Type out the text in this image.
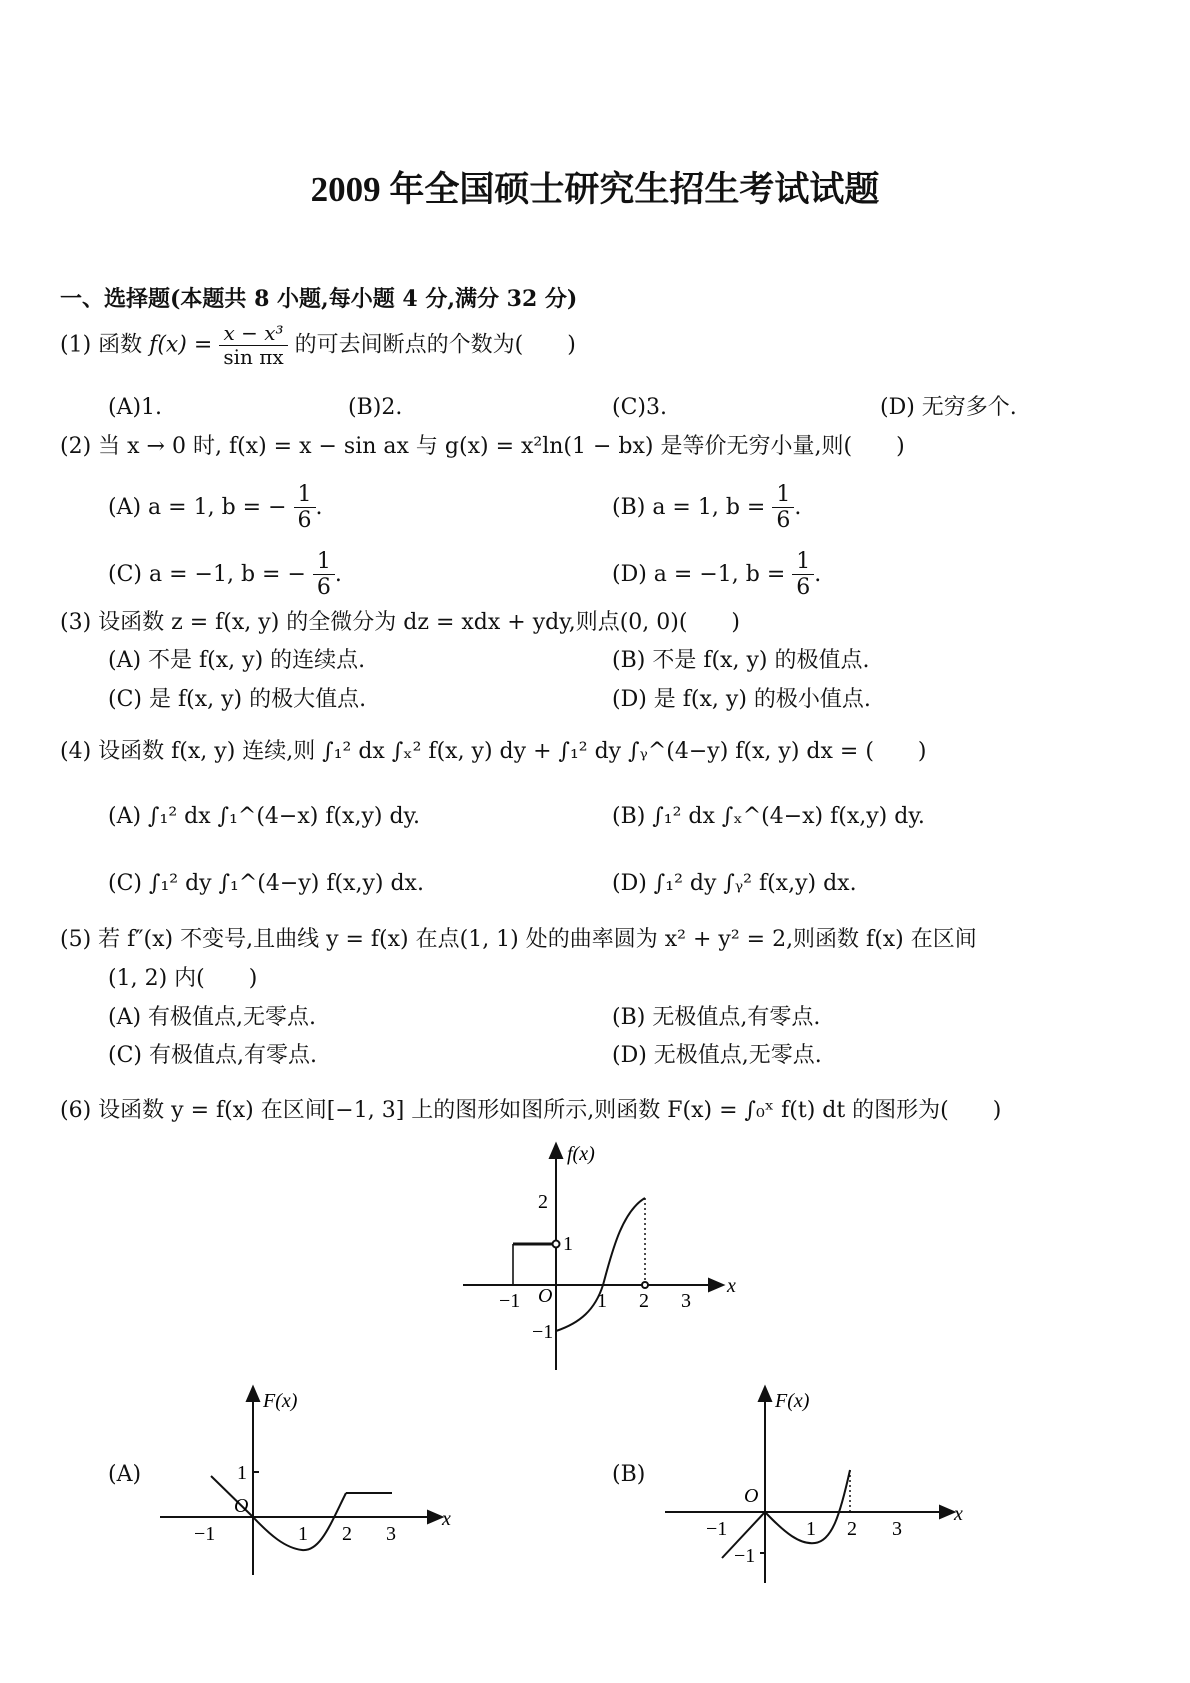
2009 年全国硕士研究生招生考试试题
一、选择题(本题共 8 小题,每小题 4 分,满分 32 分)
(1) 函数 $f(x) = \frac{\text{x − x³}}{\text{sin πx}}$ 的可去间断点的个数为(　　)
(A)1.	(B)2.	(C)3.	(D) 无穷多个.
(2) 当 x → 0 时, f(x) = x − sin ax 与 g(x) = x²ln(1 − bx) 是等价无穷小量,则(　　)
(A) a = 1, b = − $\frac{1}{6}$ .	(B) a = 1, $b = \frac{1}{6}$ .
(C) a = −1, b = − $\frac{1}{6}$ .	(D) a = −1, $b = \frac{1}{6}$ .
(3) 设函数 z = f(x, y) 的全微分为 dz = xdx + ydy,则点(0, 0)(　　)
(A) 不是 f(x, y) 的连续点.	(B) 不是 f(x, y) 的极值点.
(C) 是 f(x, y) 的极大值点.	(D) 是 f(x, y) 的极小值点.
(4) 设函数 f(x, y) 连续,则 ∫₁² dx ∫ₓ² f(x, y) dy + ∫₁² dy ∫ᵧ^(4−y) f(x, y) dx = (　　)
(A) ∫₁² dx ∫₁^(4−x) f(x,y) dy.	(B) ∫₁² dx ∫ₓ^(4−x) f(x,y) dy.
(C) ∫₁² dy ∫₁^(4−y) f(x,y) dx.	(D) ∫₁² dy ∫ᵧ² f(x,y) dx.
(5) 若 f″(x) 不变号,且曲线 y = f(x) 在点(1, 1) 处的曲率圆为 x² + y² = 2,则函数 f(x) 在区间
(1, 2) 内(　　)
(A) 有极值点,无零点.	(B) 无极值点,有零点.
(C) 有极值点,有零点.	(D) 无极值点,无零点.
(6) 设函数 y = f(x) 在区间[−1, 3] 上的图形如图所示,则函数 F(x) = ∫₀ˣ f(t) dt 的图形为(　　)
f(x)
x
O
−1	1 2 3
2
1
−1
(A)
F(x)
x
O
−1	1 2 3
1	(B)
F(x)
x
O
−1	1 2 3
−1
